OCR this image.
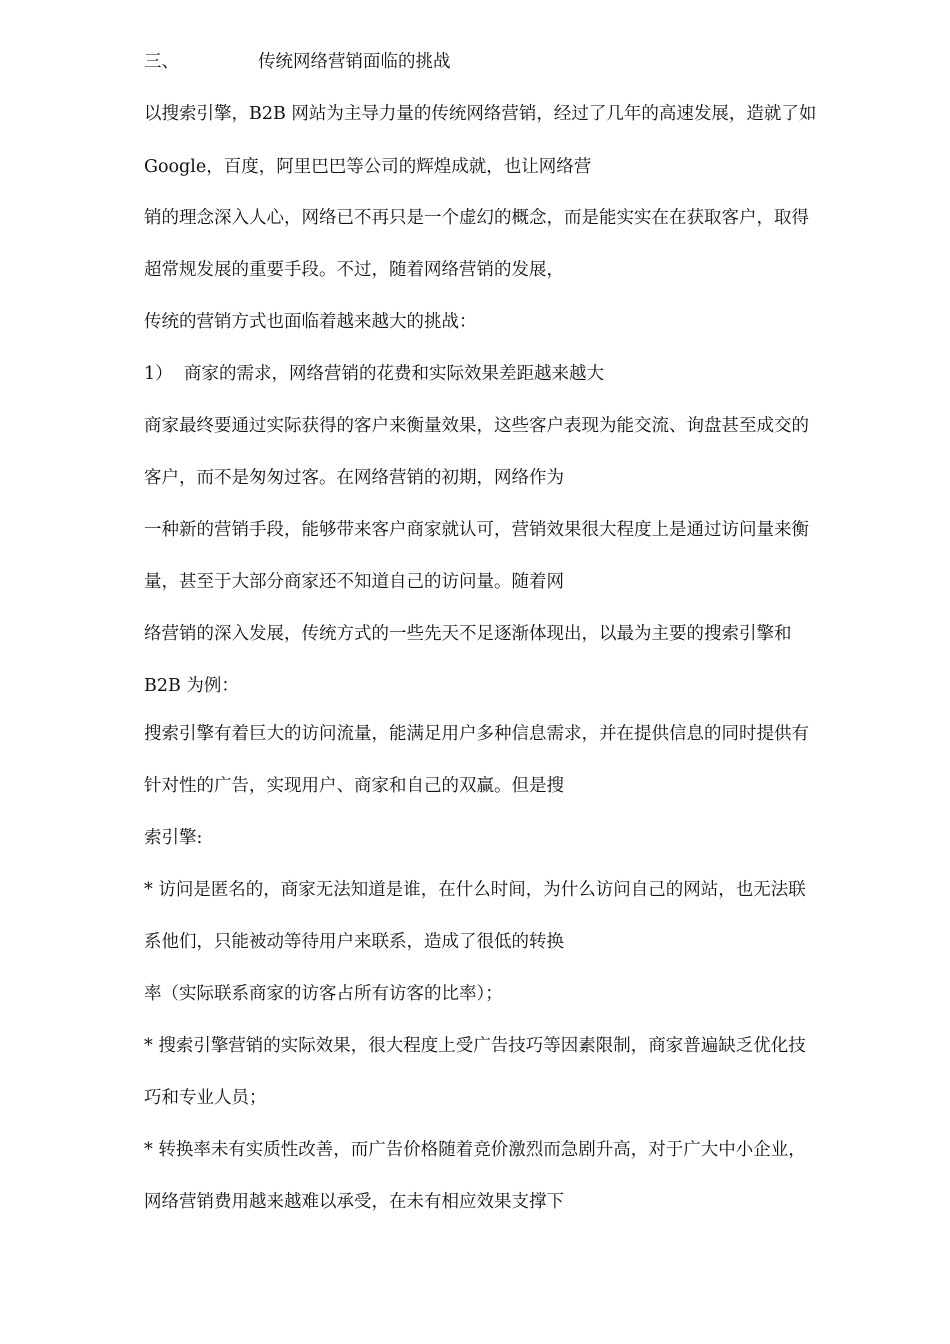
三、	传统网络营销面临的挑战
以搜索引擎，B2B 网站为主导力量的传统网络营销，经过了几年的高速发展，造就了如
Google，百度，阿里巴巴等公司的辉煌成就，也让网络营
销的理念深入人心，网络已不再只是一个虚幻的概念，而是能实实在在获取客户，取得
超常规发展的重要手段。不过，随着网络营销的发展，
传统的营销方式也面临着越来越大的挑战：
1） 商家的需求，网络营销的花费和实际效果差距越来越大
商家最终要通过实际获得的客户来衡量效果，这些客户表现为能交流、询盘甚至成交的
客户，而不是匆匆过客。在网络营销的初期，网络作为
一种新的营销手段，能够带来客户商家就认可，营销效果很大程度上是通过访问量来衡
量，甚至于大部分商家还不知道自己的访问量。随着网
络营销的深入发展，传统方式的一些先天不足逐渐体现出，以最为主要的搜索引擎和
B2B 为例：
搜索引擎有着巨大的访问流量，能满足用户多种信息需求，并在提供信息的同时提供有
针对性的广告，实现用户、商家和自己的双赢。但是搜
索引擎:
* 访问是匿名的，商家无法知道是谁，在什么时间，为什么访问自己的网站，也无法联
系他们，只能被动等待用户来联系，造成了很低的转换
率（实际联系商家的访客占所有访客的比率）；
* 搜索引擎营销的实际效果，很大程度上受广告技巧等因素限制，商家普遍缺乏优化技
巧和专业人员；
* 转换率未有实质性改善，而广告价格随着竞价激烈而急剧升高，对于广大中小企业，
网络营销费用越来越难以承受，在未有相应效果支撑下
